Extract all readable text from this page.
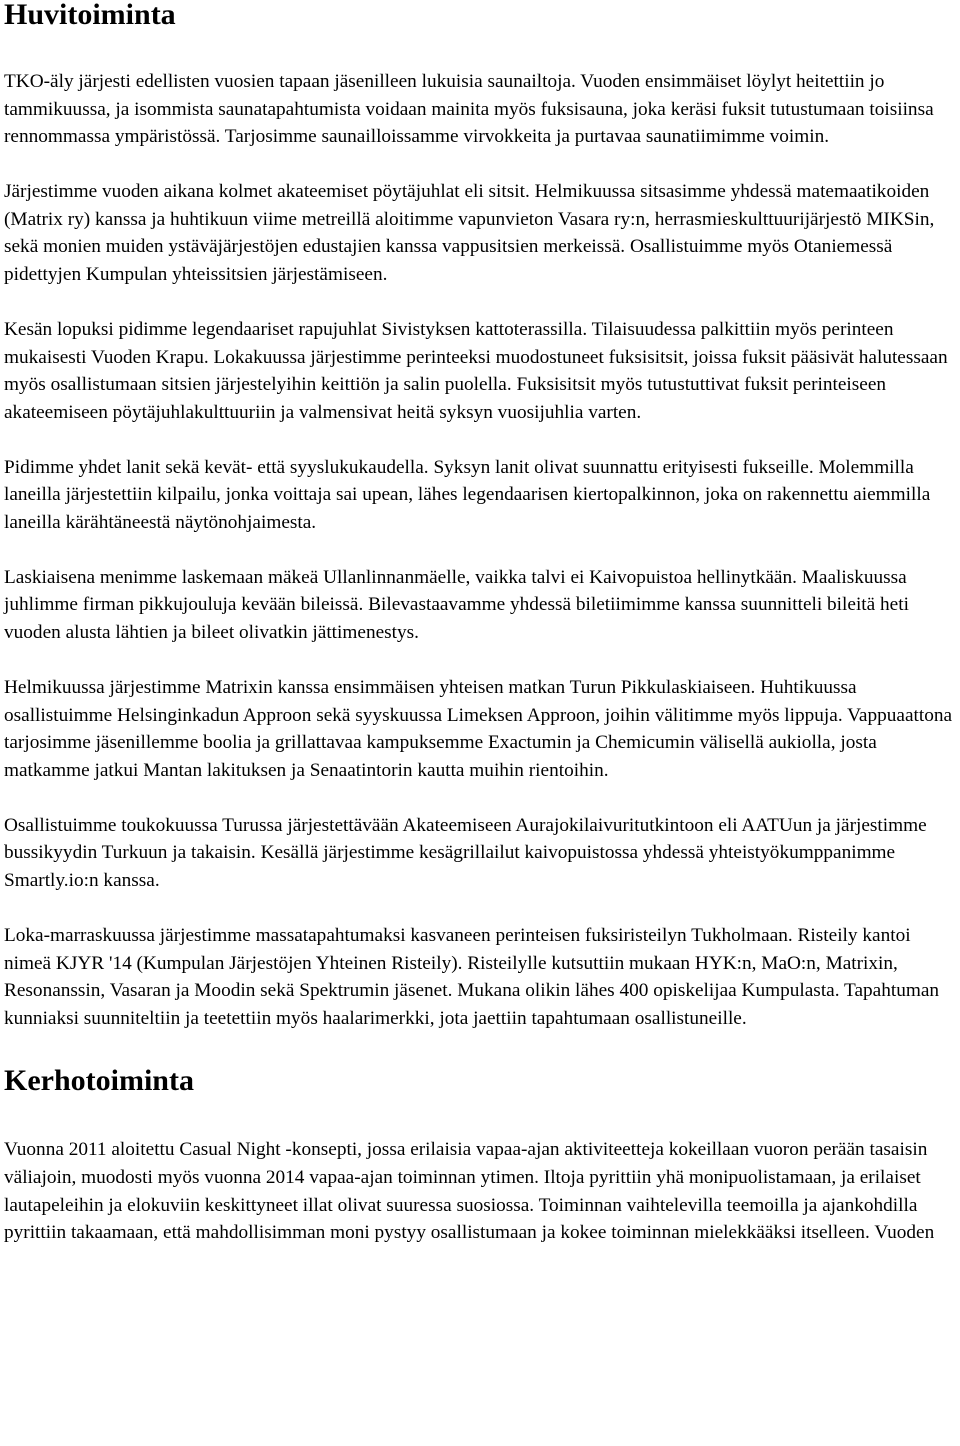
Huvitoiminta

TKO-äly järjesti edellisten vuosien tapaan jäsenilleen lukuisia saunailtoja. Vuoden ensimmäiset löylyt heitettiin jo tammikuussa, ja isommista saunatapahtumista voidaan mainita myös fuksisauna, joka keräsi fuksit tutustumaan toisiinsa rennommassa ympäristössä. Tarjosimme saunailloissamme virvokkeita ja purtavaa saunatiimimme voimin.

Järjestimme vuoden aikana kolmet akateemiset pöytäjuhlat eli sitsit. Helmikuussa sitsasimme yhdessä matemaatikoiden (Matrix ry) kanssa ja huhtikuun viime metreillä aloitimme vapunvieton Vasara ry:n, herrasmieskulttuurijärjestö MIKSin, sekä monien muiden ystäväjärjestöjen edustajien kanssa vappusitsien merkeissä. Osallistuimme myös Otaniemessä pidettyjen Kumpulan yhteissitsien järjestämiseen.

Kesän lopuksi pidimme legendaariset rapujuhlat Sivistyksen kattoterassilla. Tilaisuudessa palkittiin myös perinteen mukaisesti Vuoden Krapu. Lokakuussa järjestimme perinteeksi muodostuneet fuksisitsit, joissa fuksit pääsivät halutessaan myös osallistumaan sitsien järjestelyihin keittiön ja salin puolella. Fuksisitsit myös tutustuttivat fuksit perinteiseen akateemiseen pöytäjuhlakulttuuriin ja valmensivat heitä syksyn vuosijuhlia varten.

Pidimme yhdet lanit sekä kevät- että syyslukukaudella. Syksyn lanit olivat suunnattu erityisesti fukseille. Molemmilla laneilla järjestettiin kilpailu, jonka voittaja sai upean, lähes legendaarisen kiertopalkinnon, joka on rakennettu aiemmilla laneilla kärähtäneestä näytönohjaimesta.

Laskiaisena menimme laskemaan mäkeä Ullanlinnanmäelle, vaikka talvi ei Kaivopuistoa hellinytkään. Maaliskuussa juhlimme firman pikkujouluja kevään bileissä. Bilevastaavamme yhdessä biletiimimme kanssa suunnitteli bileitä heti vuoden alusta lähtien ja bileet olivatkin jättimenestys.

Helmikuussa järjestimme Matrixin kanssa ensimmäisen yhteisen matkan Turun Pikkulaskiaiseen. Huhtikuussa osallistuimme Helsinginkadun Approon sekä syyskuussa Limeksen Approon, joihin välitimme myös lippuja. Vappuaattona tarjosimme jäsenillemme boolia ja grillattavaa kampuksemme Exactumin ja Chemicumin välisellä aukiolla, josta matkamme jatkui Mantan lakituksen ja Senaatintorin kautta muihin rientoihin.

Osallistuimme toukokuussa Turussa järjestettävään Akateemiseen Aurajokilaivuritutkintoon eli AATUun ja järjestimme bussikyydin Turkuun ja takaisin. Kesällä järjestimme kesägrillailut kaivopuistossa yhdessä yhteistyökumppanimme Smartly.io:n kanssa.

Loka-marraskuussa järjestimme massatapahtumaksi kasvaneen perinteisen fuksiristeilyn Tukholmaan. Risteily kantoi nimeä KJYR '14 (Kumpulan Järjestöjen Yhteinen Risteily). Risteilylle kutsuttiin mukaan HYK:n, MaO:n, Matrixin, Resonanssin, Vasaran ja Moodin sekä Spektrumin jäsenet. Mukana olikin lähes 400 opiskelijaa Kumpulasta. Tapahtuman kunniaksi suunniteltiin ja teetettiin myös haalarimerkki, jota jaettiin tapahtumaan osallistuneille.

Kerhotoiminta

Vuonna 2011 aloitettu Casual Night -konsepti, jossa erilaisia vapaa-ajan aktiviteetteja kokeillaan vuoron perään tasaisin väliajoin, muodosti myös vuonna 2014 vapaa-ajan toiminnan ytimen. Iltoja pyrittiin yhä monipuolistamaan, ja erilaiset lautapeleihin ja elokuviin keskittyneet illat olivat suuressa suosiossa. Toiminnan vaihtelevilla teemoilla ja ajankohdilla pyrittiin takaamaan, että mahdollisimman moni pystyy osallistumaan ja kokee toiminnan mielekkääksi itselleen. Vuoden
